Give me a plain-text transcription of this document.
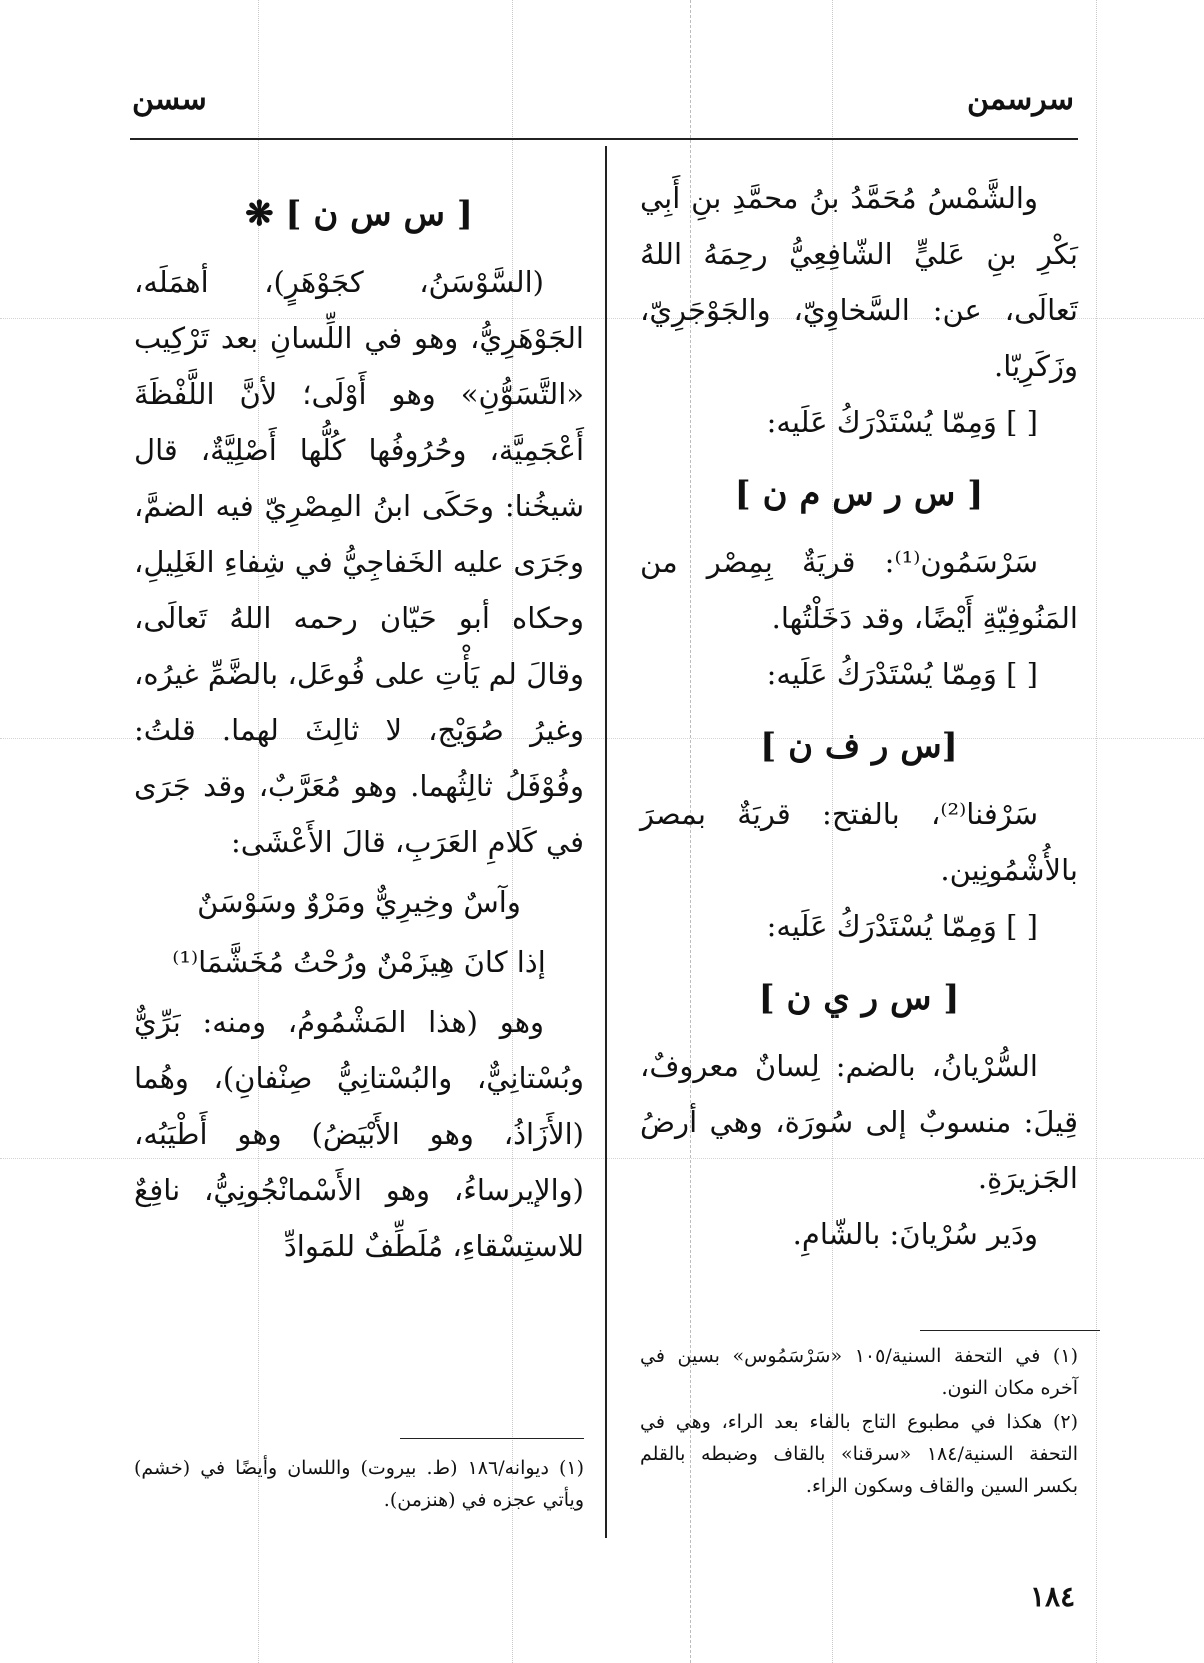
سرسمن
سسن

والشَّمْسُ مُحَمَّدُ بنُ محمَّدِ بنِ أَبِي بَكْرِ بنِ عَليٍّ الشّافِعِيُّ رحِمَهُ اللهُ تَعالَى، عن: السَّخاوِيّ، والجَوْجَرِيّ، وزَكَرِيّا.

[ ] وَمِمّا يُسْتَدْرَكُ عَلَيه:

[ س ر س م ن ]

سَرْسَمُون⁽¹⁾: قريَةٌ بِمِصْر من المَنُوفِيّةِ أَيْضًا، وقد دَخَلْتُها.

[ ] وَمِمّا يُسْتَدْرَكُ عَلَيه:

[س ر ف ن ]

سَرْفنا⁽²⁾، بالفتح: قريَةٌ بمصرَ بالأُشْمُونِين.

[ ] وَمِمّا يُسْتَدْرَكُ عَلَيه:

[ س ر ي ن ]

السُّرْيانُ، بالضم: لِسانٌ معروفٌ، قِيلَ: منسوبٌ إلى سُورَة، وهي أرضُ الجَزيرَةِ.

ودَير سُرْيانَ: بالشّامِ.

[ س س ن ] ❋

(السَّوْسَنُ، كجَوْهَرٍ)، أهمَلَه، الجَوْهَرِيُّ، وهو في اللِّسانِ بعد تَرْكِيب «التَّسَوُّنِ» وهو أَوْلَى؛ لأنَّ اللَّفْظَةَ أَعْجَمِيَّة، وحُرُوفُها كُلُّها أَصْلِيَّةٌ، قال شيخُنا: وحَكَى ابنُ المِصْرِيّ فيه الضمَّ، وجَرَى عليه الخَفاجِيُّ في شِفاءِ الغَلِيلِ، وحكاه أبو حَيّان رحمه اللهُ تَعالَى، وقالَ لم يَأْتِ على فُوعَل، بالضَّمِّ غيرُه، وغيرُ صُوَيْج، لا ثالِثَ لهما. قلتُ: وفُوْفَلُ ثالِثُهما. وهو مُعَرَّبٌ، وقد جَرَى في كَلامِ العَرَبِ، قالَ الأَعْشَى:

وآسٌ وخِيرِيٌّ ومَرْوٌ وسَوْسَنٌ

إذا كانَ هِيزَمْنٌ ورُحْتُ مُخَشَّمَا⁽¹⁾

وهو (هذا المَشْمُومُ، ومنه: بَرِّيٌّ وبُسْتانِيٌّ، والبُسْتانِيُّ صِنْفانِ)، وهُما (الأَزَاذُ، وهو الأَبْيَضُ) وهو أَطْيَبُه، (والإيرساءُ، وهو الأَسْمانْجُونِيُّ، نافِعٌ للاستِسْقاءِ، مُلَطِّفٌ للمَوادِّ

(١) في التحفة السنية/١٠٥ «سَرْسَمُوس» بسين في آخره مكان النون.

(٢) هكذا في مطبوع التاج بالفاء بعد الراء، وهي في التحفة السنية/١٨٤ «سرقنا» بالقاف وضبطه بالقلم بكسر السين والقاف وسكون الراء.

(١) ديوانه/١٨٦ (ط. بيروت) واللسان وأيضًا في (خشم) ويأتي عجزه في (هنزمن).

١٨٤
